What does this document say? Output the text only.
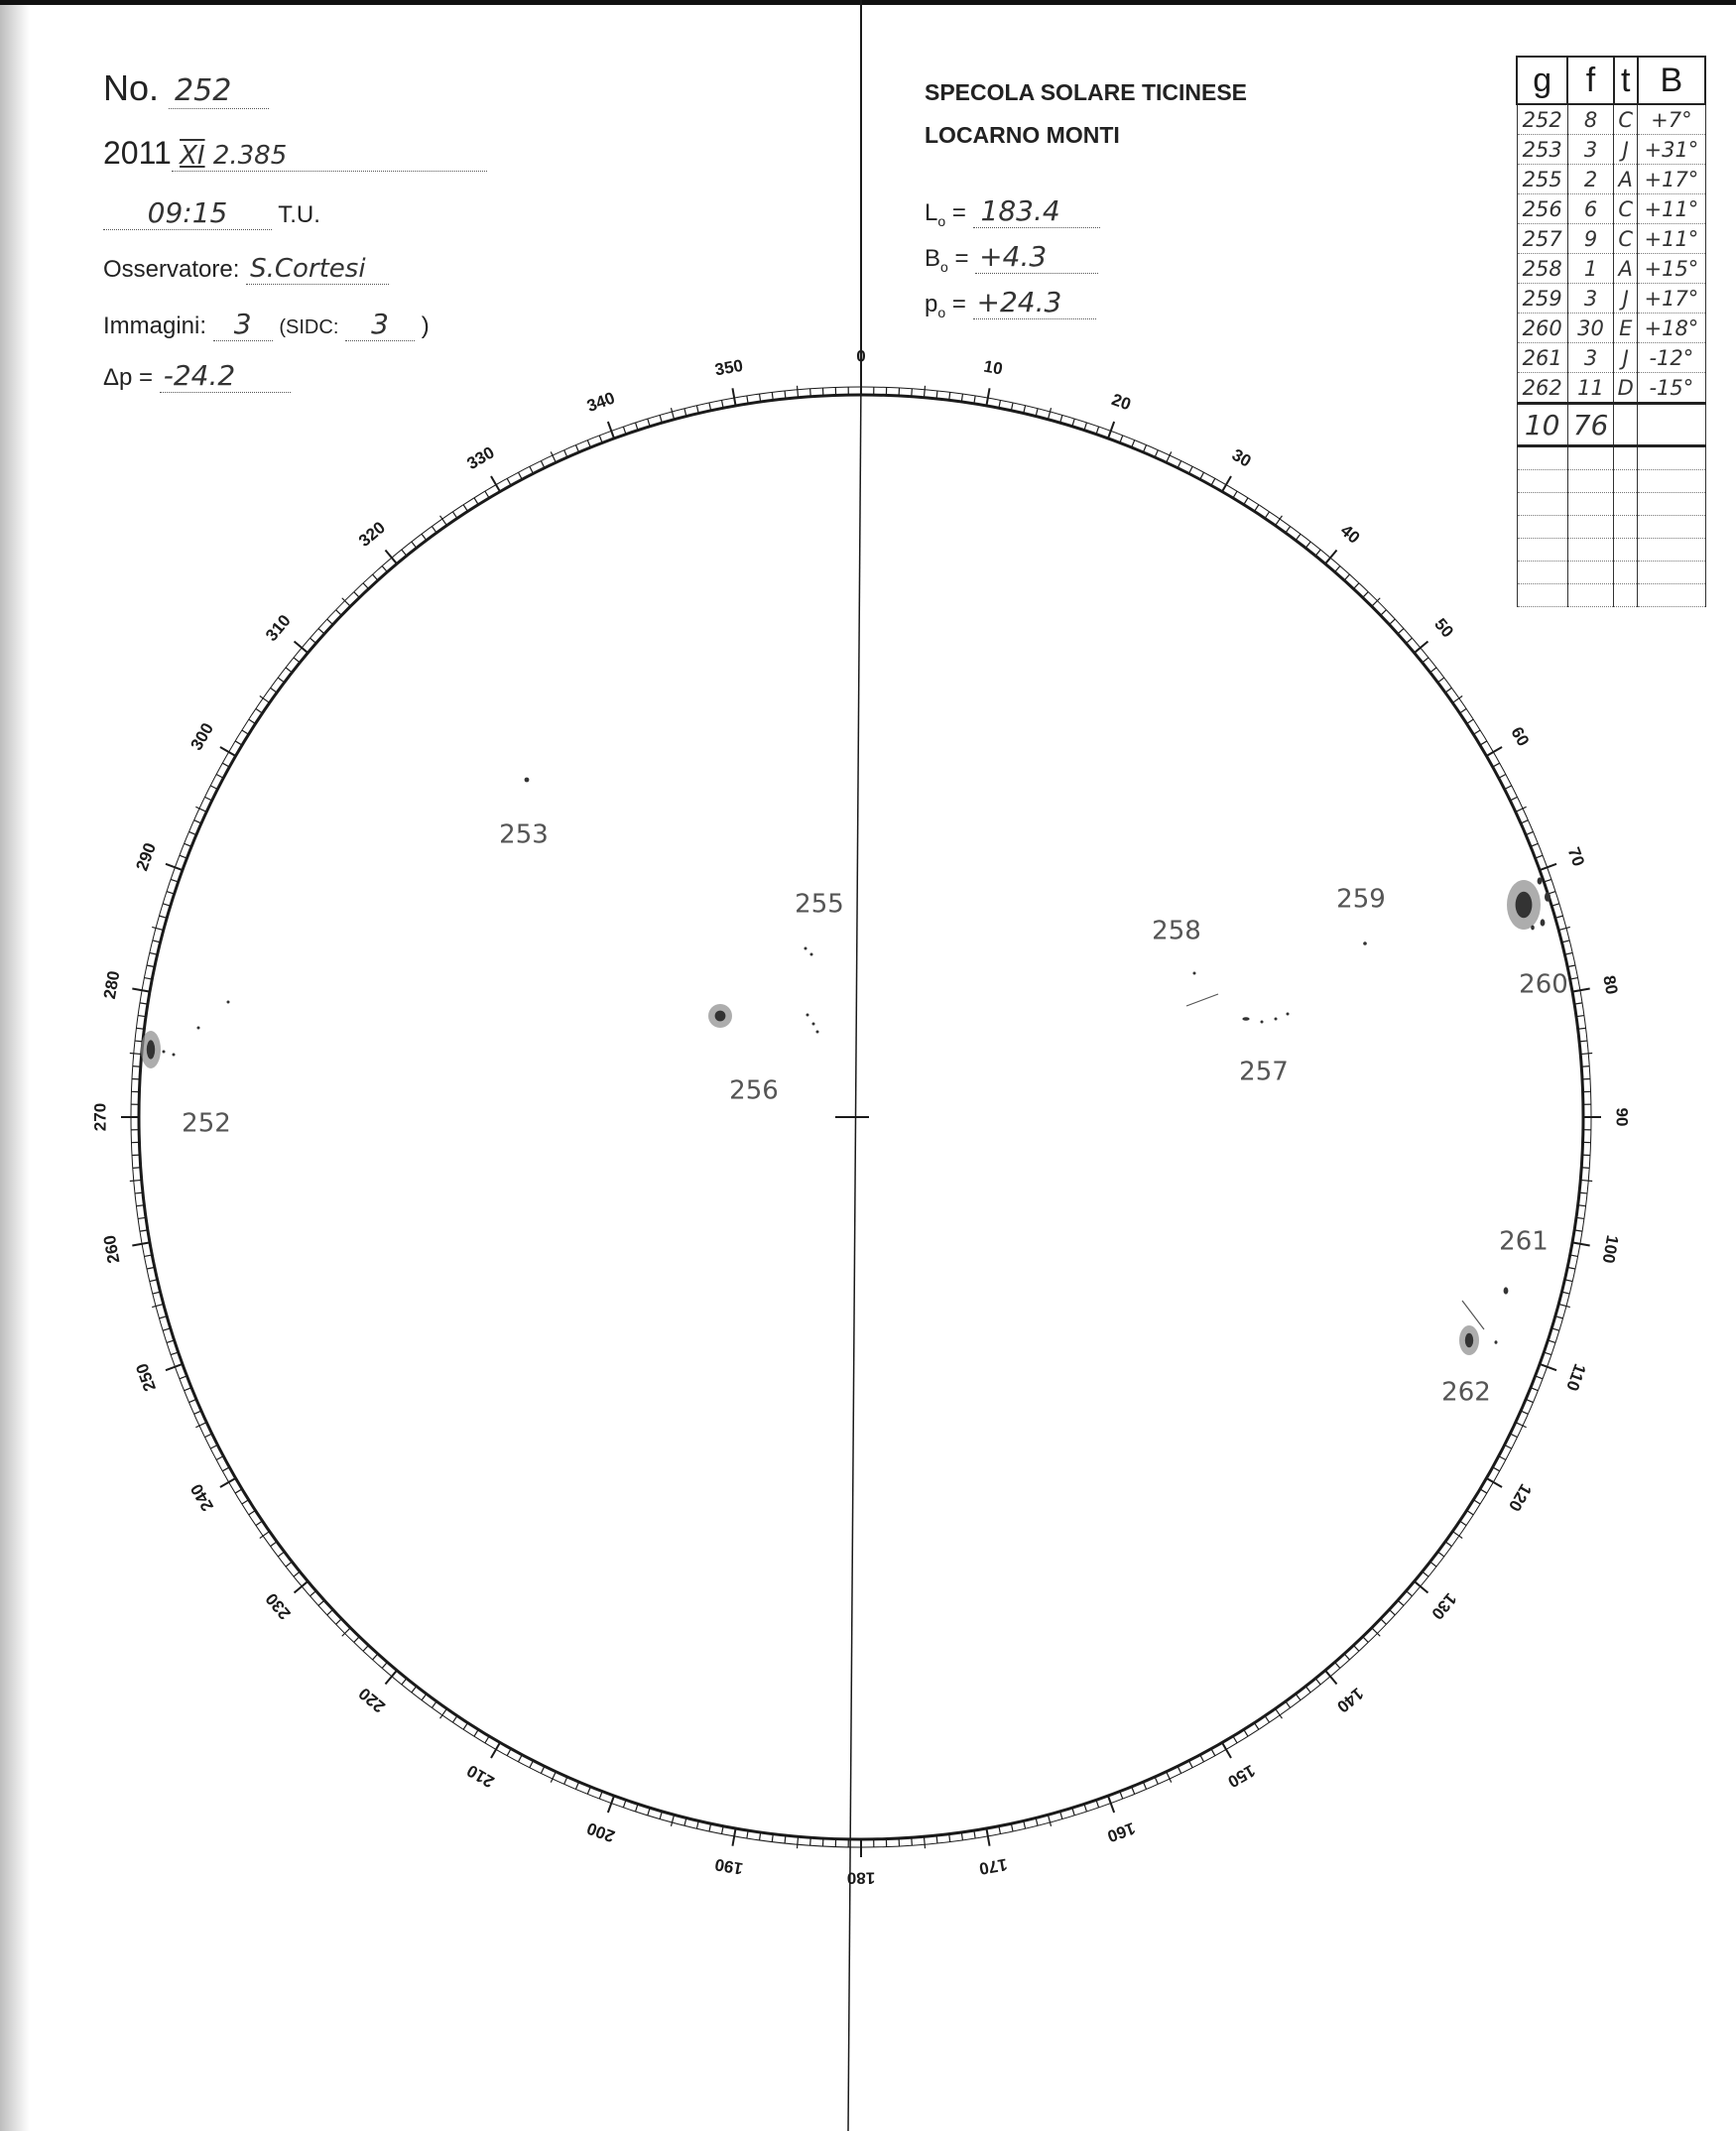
No. 252
2011 XI 2.385
09:15 T.U.
Osservatore: S.Cortesi
Immagini: 3 (SIDC: 3 )
Δp = -24.2
SPECOLA SOLARE TICINESE
LOCARNO MONTI
$L_o = 183.4$
$B_o = +4.3$
$p_o = +24.3$
g	f	t	B
252	8	C	+7°
253	3	J	+31°
255	2	A	+17°
256	6	C	+11°
257	9	C	+11°
258	1	A	+15°
259	3	J	+17°
260	30	E	+18°
261	3	J	-12°
262	11	D	-15°
10	76		

0
10
20
30
40
50
60
70
80
90
100
110
120
130
140
150
160
170
180
190
200
210
220
230
240
250
260
270
280
290
300
310
320
330
340
350
252
253
255
256
257
258
259
260
261
262
